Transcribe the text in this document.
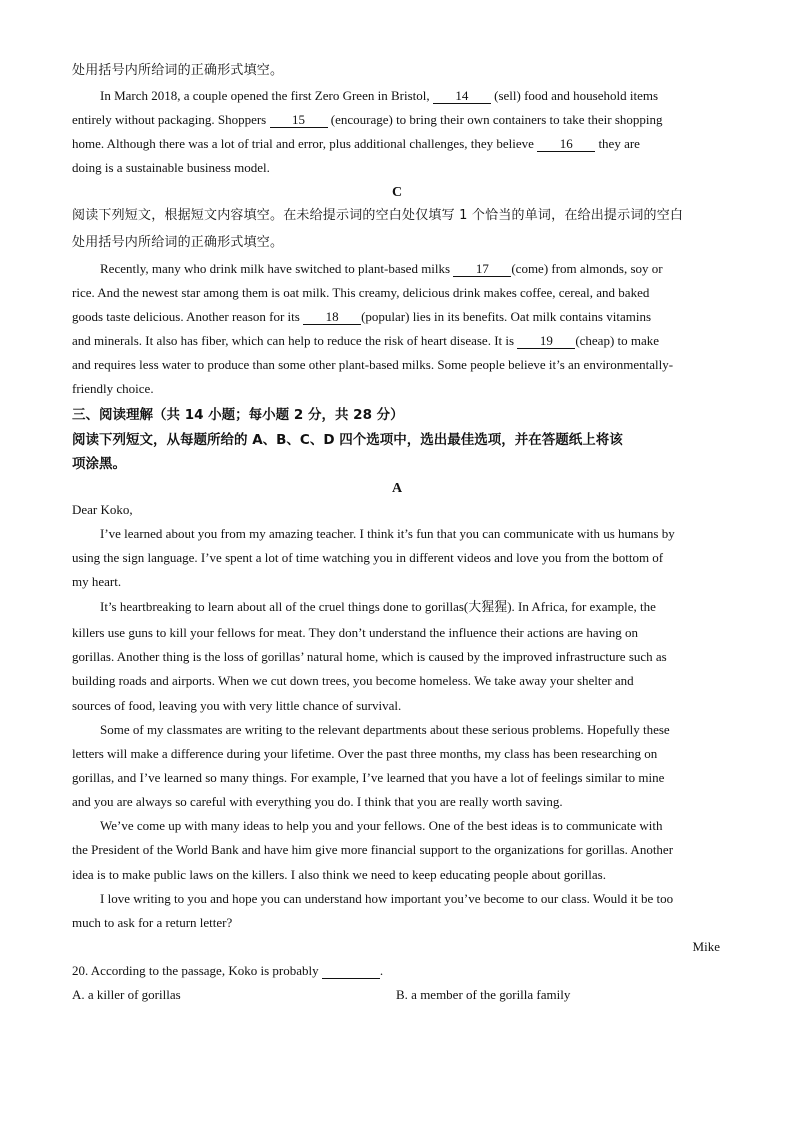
处用括号内所给词的正确形式填空。
In March 2018, a couple opened the first Zero Green in Bristol, 14 (sell) food and household items
entirely without packaging. Shoppers 15 (encourage) to bring their own containers to take their shopping
home. Although there was a lot of trial and error, plus additional challenges, they believe 16 they are
doing is a sustainable business model.
C
阅读下列短文，根据短文内容填空。在未给提示词的空白处仅填写 1 个恰当的单词，在给出提示词的空白
处用括号内所给词的正确形式填空。
Recently, many who drink milk have switched to plant-based milks 17 (come) from almonds, soy or
rice. And the newest star among them is oat milk. This creamy, delicious drink makes coffee, cereal, and baked
goods taste delicious. Another reason for its 18 (popular) lies in its benefits. Oat milk contains vitamins
and minerals. It also has fiber, which can help to reduce the risk of heart disease. It is 19 (cheap) to make
and requires less water to produce than some other plant-based milks. Some people believe it’s an environmentally-
friendly choice.
三、阅读理解（共 14 小题；每小题 2 分，共 28 分）
阅读下列短文，从每题所给的 A、B、C、D 四个选项中，选出最佳选项，并在答题纸上将该
项涂黑。
A
Dear Koko,
I’ve learned about you from my amazing teacher. I think it’s fun that you can communicate with us humans by
using the sign language. I’ve spent a lot of time watching you in different videos and love you from the bottom of
my heart.
It’s heartbreaking to learn about all of the cruel things done to gorillas(大猩猩). In Africa, for example, the
killers use guns to kill your fellows for meat. They don’t understand the influence their actions are having on
gorillas. Another thing is the loss of gorillas’ natural home, which is caused by the improved infrastructure such as
building roads and airports. When we cut down trees, you become homeless. We take away your shelter and
sources of food, leaving you with very little chance of survival.
Some of my classmates are writing to the relevant departments about these serious problems. Hopefully these
letters will make a difference during your lifetime. Over the past three months, my class has been researching on
gorillas, and I’ve learned so many things. For example, I’ve learned that you have a lot of feelings similar to mine
and you are always so careful with everything you do. I think that you are really worth saving.
We’ve come up with many ideas to help you and your fellows. One of the best ideas is to communicate with
the President of the World Bank and have him give more financial support to the organizations for gorillas. Another
idea is to make public laws on the killers. I also think we need to keep educating people about gorillas.
I love writing to you and hope you can understand how important you’ve become to our class. Would it be too
much to ask for a return letter?
Mike
20. According to the passage, Koko is probably	.
A. a killer of gorillas	B. a member of the gorilla family
